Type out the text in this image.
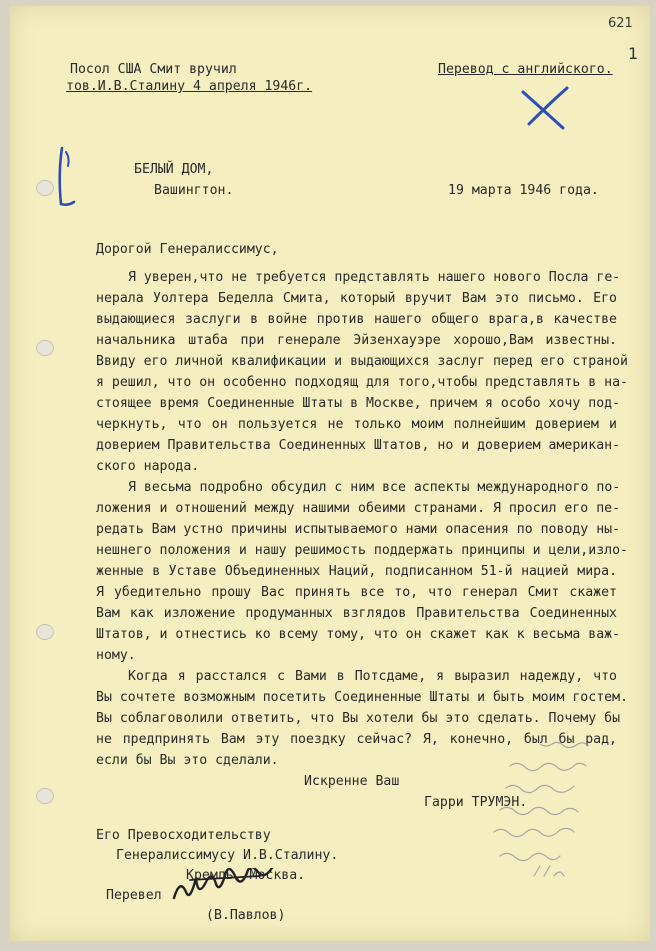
621
1
Посол США Смит вручил
тов.И.В.Сталину 4 апреля 1946г.
Перевод с английского.
БЕЛЫЙ ДОМ,
Вашингтон.	19 марта 1946 года.
Дорогой Генералиссимус,
Я уверен,что не требуется представлять нашего нового Посла ге-
нерала Уолтера Беделла Смита, который вручит Вам это письмо. Его
выдающиеся заслуги в войне против нашего общего врага,в качестве
начальника штаба при генерале Эйзенхауэре хорошо,Вам известны.
Ввиду его личной квалификации и выдающихся заслуг перед его страной
я решил, что он особенно подходящ для того,чтобы представлять в на-
стоящее время Соединенные Штаты в Москве, причем я особо хочу под-
черкнуть, что он пользуется не только моим полнейшим доверием и
доверием Правительства Соединенных Штатов, но и доверием американ-
ского народа.
Я весьма подробно обсудил с ним все аспекты международного по-
ложения и отношений между нашими обеими странами. Я просил его пе-
редать Вам устно причины испытываемого нами опасения по поводу ны-
нешнего положения и нашу решимость поддержать принципы и цели,изло-
женные в Уставе Объединенных Наций, подписанном 51-й нацией мира.
Я убедительно прошу Вас принять все то, что генерал Смит скажет
Вам как изложение продуманных взглядов Правительства Соединенных
Штатов, и отнестись ко всему тому, что он скажет как к весьма важ-
ному.
Когда я расстался с Вами в Потсдаме, я выразил надежду, что
Вы сочтете возможным посетить Соединенные Штаты и быть моим гостем.
Вы соблаговолили ответить, что Вы хотели бы это сделать. Почему бы
не предпринять Вам эту поездку сейчас? Я, конечно, был бы рад,
если бы Вы это сделали.
Искренне Ваш
Гарри ТРУМЭН.
Его Превосходительству
Генералиссимусу И.В.Сталину.
Кремль, Москва.
Перевел
(В.Павлов)
